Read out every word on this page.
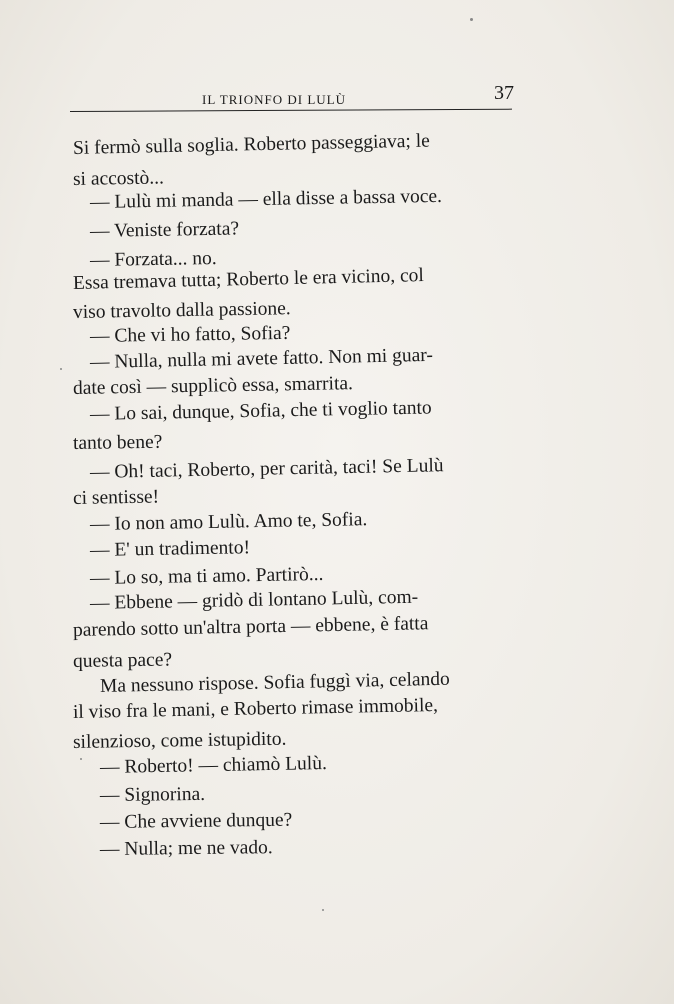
IL TRIONFO DI LULÙ	37
Si fermò sulla soglia. Roberto passeggiava; le
si accostò...
— Lulù mi manda — ella disse a bassa voce.
— Veniste forzata?
— Forzata... no.
Essa tremava tutta; Roberto le era vicino, col
viso travolto dalla passione.
— Che vi ho fatto, Sofia?
— Nulla, nulla mi avete fatto. Non mi guar-
date così — supplicò essa, smarrita.
— Lo sai, dunque, Sofia, che ti voglio tanto
tanto bene?
— Oh! taci, Roberto, per carità, taci! Se Lulù
ci sentisse!
— Io non amo Lulù. Amo te, Sofia.
— E' un tradimento!
— Lo so, ma ti amo. Partirò...
— Ebbene — gridò di lontano Lulù, com-
parendo sotto un'altra porta — ebbene, è fatta
questa pace?
Ma nessuno rispose. Sofia fuggì via, celando
il viso fra le mani, e Roberto rimase immobile,
silenzioso, come istupidito.
— Roberto! — chiamò Lulù.
— Signorina.
— Che avviene dunque?
— Nulla; me ne vado.
